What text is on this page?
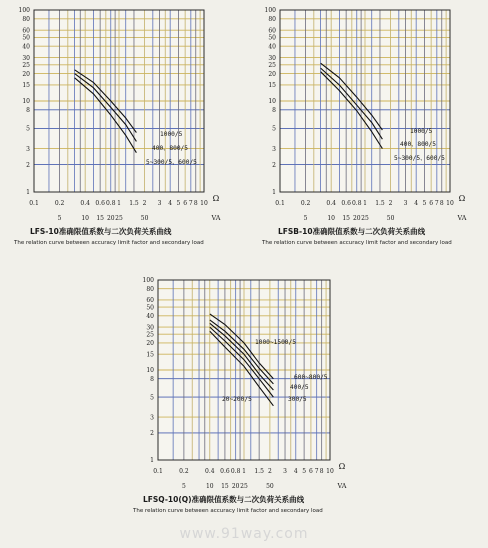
1
2
3
5
8
10
15
20
25
30
40
50
60
80
100
0.1	0.2	0.4 0.6 0.8 1 1.5 2 3 4 5 6 7 8 10
Ω
5	10 15 20 25	50	VA
1000/5
400、800/5
5~300/5、600/5
1
2
3
5
8
10
15
20
25
30
40
50
60
80
100
0.1	0.2	0.4 0.6 0.8 1 1.5 2 3 4 5 6 7 8 10
Ω
5	10 15 20 25	50	VA
1000/5
400、800/5
5~300/5、600/5
1
2
3
5
8
10
15
20
25
30
40
50
60
80
100
0.1	0.2	0.4 0.6 0.8 1 1.5 2 3 4 5 6 7 8 10
Ω
5	10 15 20 25	50	VA
1000~1500/5
600~800/5
400/5
300/5
20~200/5
LFS-10准确限值系数与二次负荷关系曲线
The relation curve between accuracy limit factor and secondary load
LFSB-10准确限值系数与二次负荷关系曲线
The relation curve between accuracy limit factor and secondary load
LFSQ-10(Q)准确限值系数与二次负荷关系曲线
The relation curve between accuracy limit factor and secondary load
www.91way.com
